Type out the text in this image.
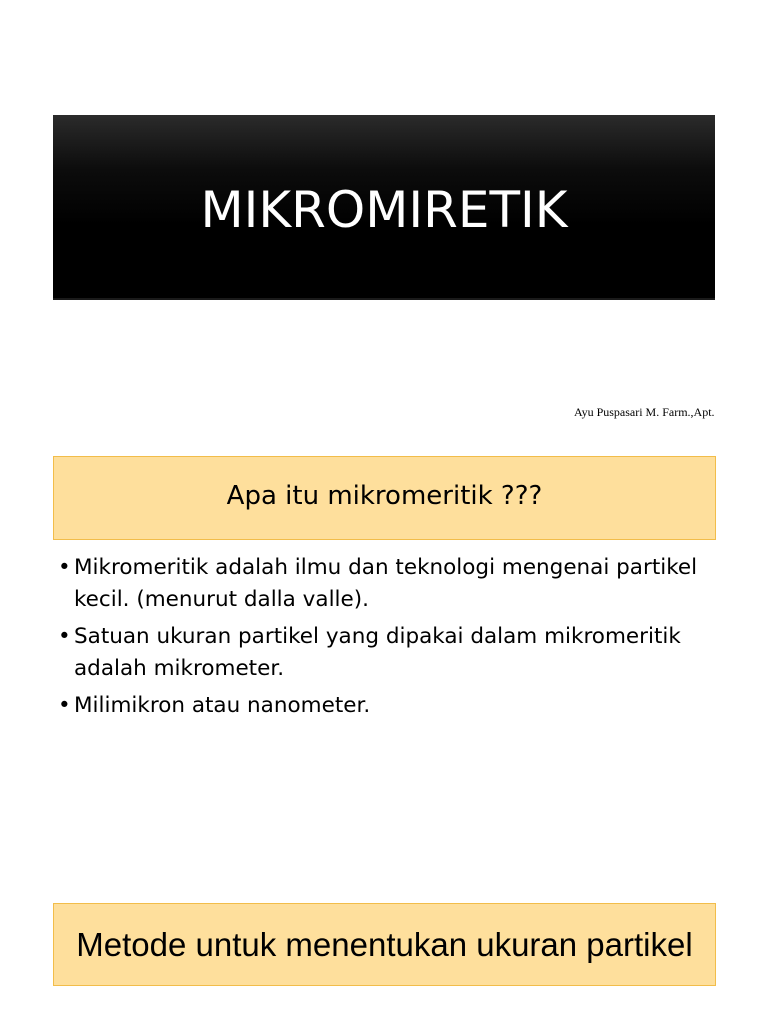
MIKROMIRETIK
Ayu Puspasari M. Farm.,Apt.
Apa itu mikromeritik ???
• Mikromeritik adalah ilmu dan teknologi mengenai partikel kecil. (menurut dalla valle).
• Satuan ukuran partikel yang dipakai dalam mikromeritik adalah mikrometer.
• Milimikron atau nanometer.
Metode untuk menentukan ukuran partikel
